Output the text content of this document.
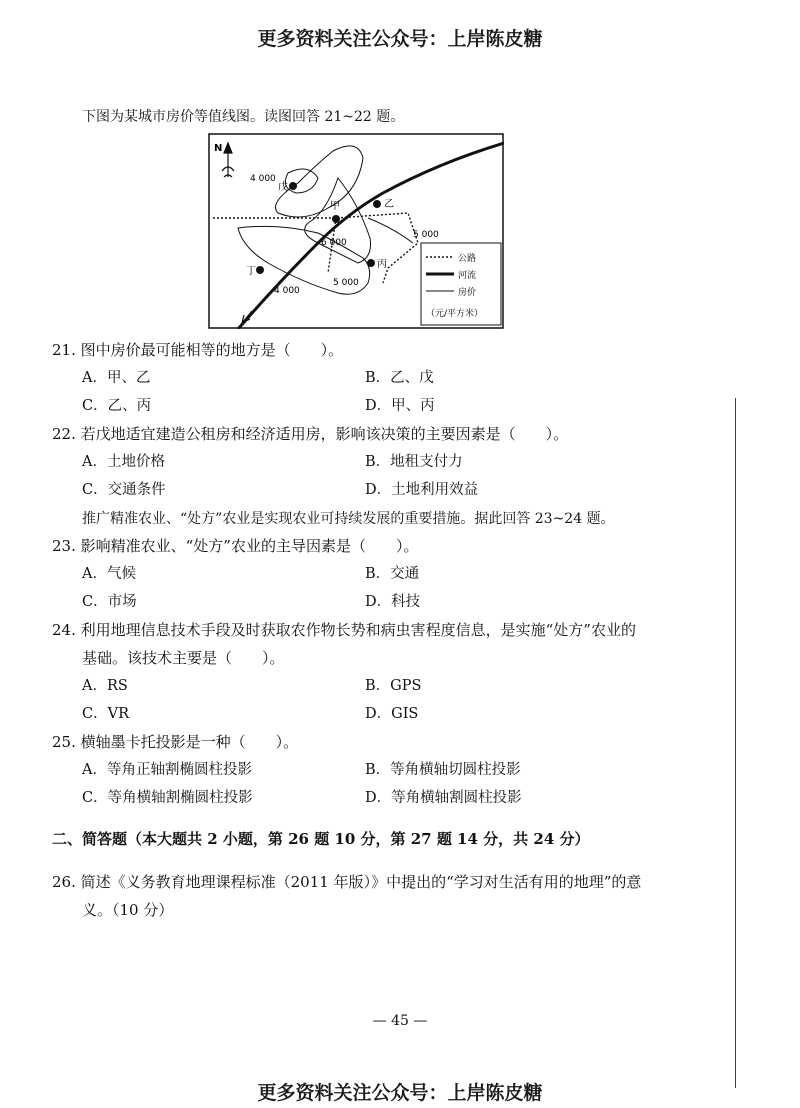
更多资料关注公众号：上岸陈皮糖
下图为某城市房价等值线图。读图回答 21~22 题。
N
4 000
5 000
6 000
5 000
4 000
戊
甲	乙
丙
丁
公路
河流
房价
（元/平方米）
21. 图中房价最可能相等的地方是（　　）。
A．甲、乙	B．乙、戊
C．乙、丙	D．甲、丙
22. 若戊地适宜建造公租房和经济适用房，影响该决策的主要因素是（　　）。
A．土地价格	B．地租支付力
C．交通条件	D．土地利用效益
推广精准农业、“处方”农业是实现农业可持续发展的重要措施。据此回答 23~24 题。
23. 影响精准农业、“处方”农业的主导因素是（　　）。
A．气候	B．交通
C．市场	D．科技
24. 利用地理信息技术手段及时获取农作物长势和病虫害程度信息，是实施“处方”农业的
基础。该技术主要是（　　）。
A．RS	B．GPS
C．VR	D．GIS
25. 横轴墨卡托投影是一种（　　）。
A．等角正轴割椭圆柱投影	B．等角横轴切圆柱投影
C．等角横轴割椭圆柱投影	D．等角横轴割圆柱投影
二、简答题（本大题共 2 小题，第 26 题 10 分，第 27 题 14 分，共 24 分）
26. 简述《义务教育地理课程标准（2011 年版）》中提出的“学习对生活有用的地理”的意
义。（10 分）
— 45 —
更多资料关注公众号：上岸陈皮糖
